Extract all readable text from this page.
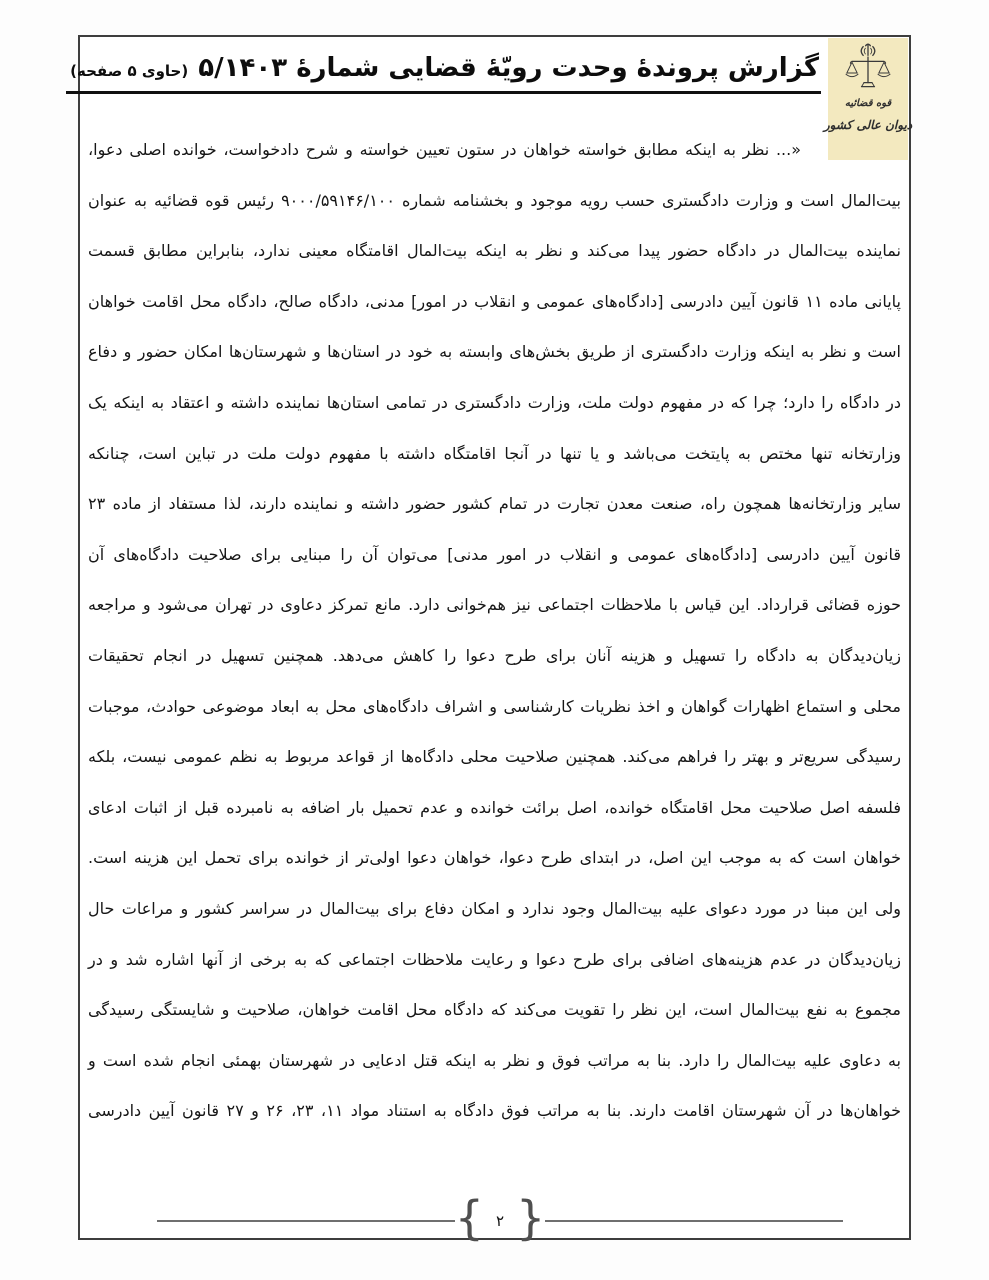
قوه قضائیه
دیوان عالی کشور
گزارش پروندهٔ وحدت رویّهٔ قضایی شمارهٔ ۵/۱۴۰۳ (حاوی ۵ صفحه)
«... نظر به اینکه مطابق خواسته خواهان در ستون تعیین خواسته و شرح دادخواست، خوانده اصلی دعوا،
بیت‌المال است و وزارت دادگستری حسب رویه موجود و بخشنامه شماره ۹۰۰۰/۵۹۱۴۶/۱۰۰ رئیس قوه قضائیه به عنوان
نماینده بیت‌المال در دادگاه حضور پیدا می‌کند و نظر به اینکه بیت‌المال اقامتگاه معینی ندارد، بنابراین مطابق قسمت
پایانی ماده ۱۱ قانون آیین دادرسی [دادگاه‌های عمومی و انقلاب در امور] مدنی، دادگاه صالح، دادگاه محل اقامت خواهان
است و نظر به اینکه وزارت دادگستری از طریق بخش‌های وابسته به خود در استان‌ها و شهرستان‌ها امکان حضور و دفاع
در دادگاه را دارد؛ چرا که در مفهوم دولت ملت، وزارت دادگستری در تمامی استان‌ها نماینده داشته و اعتقاد به اینکه یک
وزارتخانه تنها مختص به پایتخت می‌باشد و یا تنها در آنجا اقامتگاه داشته با مفهوم دولت ملت در تباین است، چنانکه
سایر وزارتخانه‌ها همچون راه، صنعت معدن تجارت در تمام کشور حضور داشته و نماینده دارند، لذا مستفاد از ماده ۲۳
قانون آیین دادرسی [دادگاه‌های عمومی و انقلاب در امور مدنی] می‌توان آن را مبنایی برای صلاحیت دادگاه‌های آن
حوزه قضائی قرارداد. این قیاس با ملاحظات اجتماعی نیز هم‌خوانی دارد. مانع تمرکز دعاوی در تهران می‌شود و مراجعه
زیان‌دیدگان به دادگاه را تسهیل و هزینه آنان برای طرح دعوا را کاهش می‌دهد. همچنین تسهیل در انجام تحقیقات
محلی و استماع اظهارات گواهان و اخذ نظریات کارشناسی و اشراف دادگاه‌های محل به ابعاد موضوعی حوادث، موجبات
رسیدگی سریع‌تر و بهتر را فراهم می‌کند. همچنین صلاحیت محلی دادگاه‌ها از قواعد مربوط به نظم عمومی نیست، بلکه
فلسفه اصل صلاحیت محل اقامتگاه خوانده، اصل برائت خوانده و عدم تحمیل بار اضافه به نامبرده قبل از اثبات ادعای
خواهان است که به موجب این اصل، در ابتدای طرح دعوا، خواهان دعوا اولی‌تر از خوانده برای تحمل این هزینه است.
ولی این مبنا در مورد دعوای علیه بیت‌المال وجود ندارد و امکان دفاع برای بیت‌المال در سراسر کشور و مراعات حال
زیان‌دیدگان در عدم هزینه‌های اضافی برای طرح دعوا و رعایت ملاحظات اجتماعی که به برخی از آنها اشاره شد و در
مجموع به نفع بیت‌المال است، این نظر را تقویت می‌کند که دادگاه محل اقامت خواهان، صلاحیت و شایستگی رسیدگی
به دعاوی علیه بیت‌المال را دارد. بنا به مراتب فوق و نظر به اینکه قتل ادعایی در شهرستان بهمئی انجام شده است و
خواهان‌ها در آن شهرستان اقامت دارند. بنا به مراتب فوق دادگاه به استناد مواد ۱۱، ۲۳، ۲۶ و ۲۷ قانون آیین دادرسی
{ ۲ }
